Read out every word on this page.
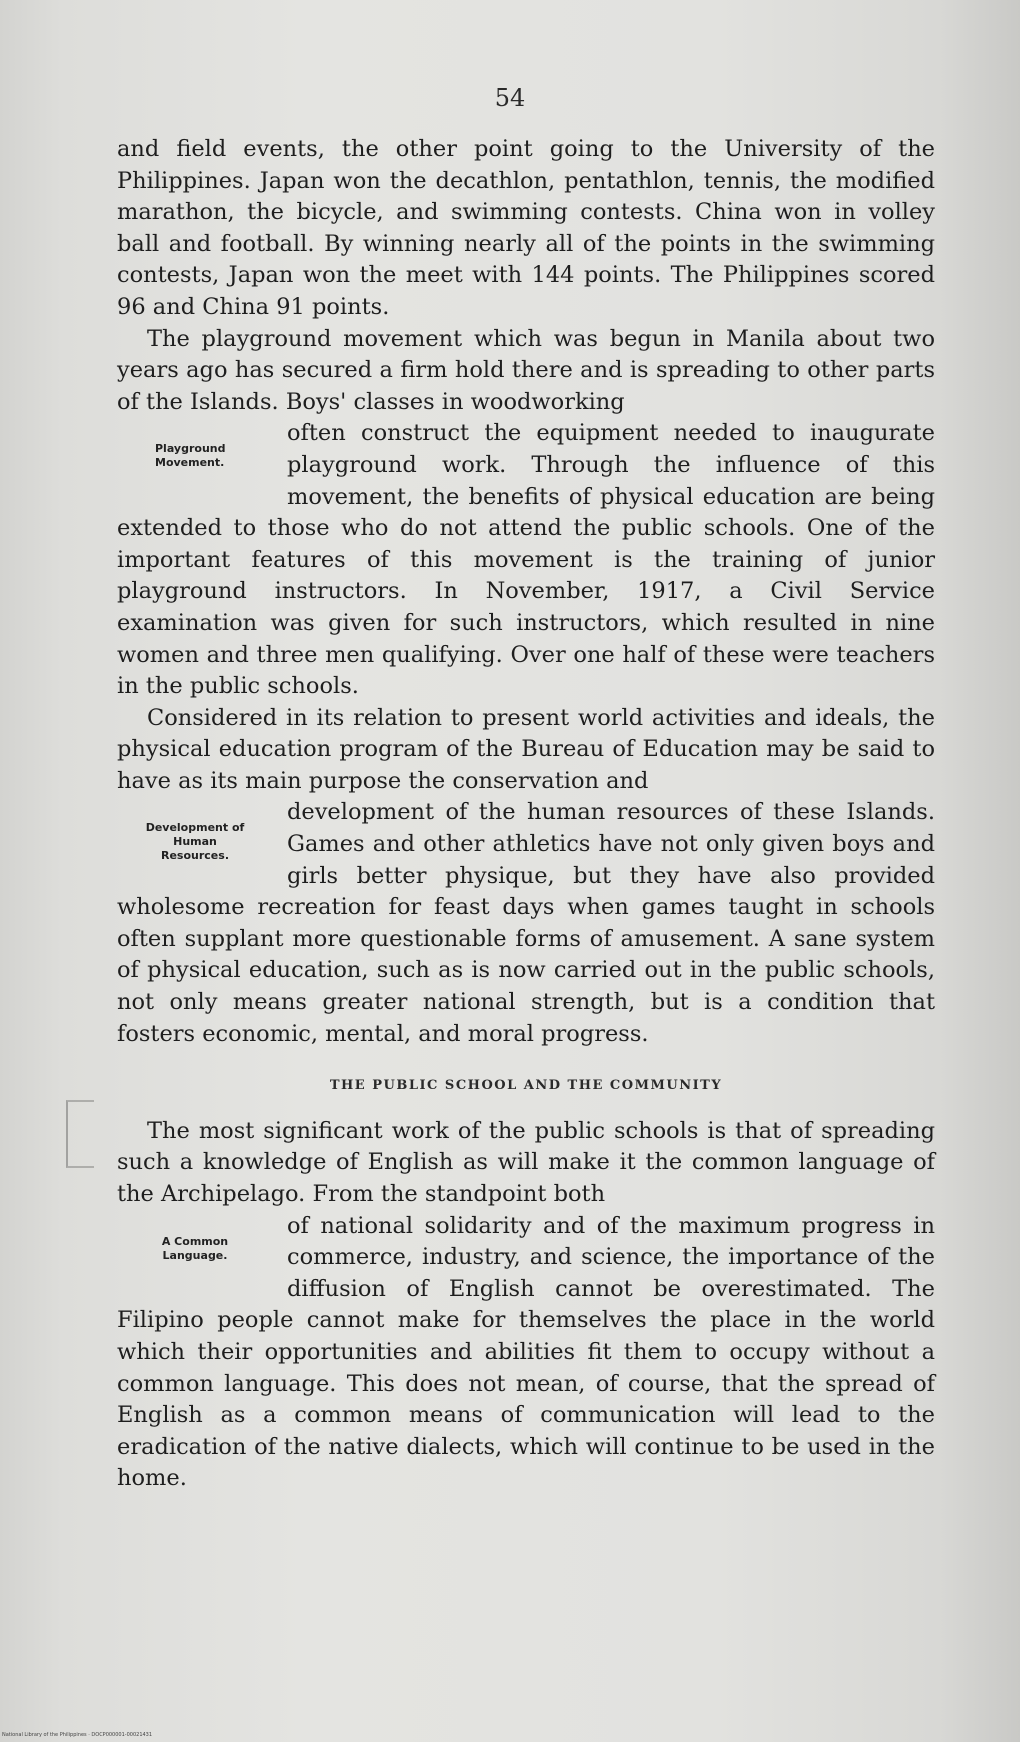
54

and field events, the other point going to the University of the Philippines. Japan won the decathlon, pentathlon, tennis, the modified marathon, the bicycle, and swimming contests. China won in volley ball and football. By winning nearly all of the points in the swimming contests, Japan won the meet with 144 points. The Philippines scored 96 and China 91 points.

The playground movement which was begun in Manila about two years ago has secured a firm hold there and is spreading to other parts of the Islands. Boys' classes in woodworking

Playground Movement.

often construct the equipment needed to inaugurate playground work. Through the influence of this movement, the benefits of physical education are being extended to those who do not attend the public schools. One of the important features of this movement is the training of junior playground instructors. In November, 1917, a Civil Service examination was given for such instructors, which resulted in nine women and three men qualifying. Over one half of these were teachers in the public schools.

Considered in its relation to present world activities and ideals, the physical education program of the Bureau of Education may be said to have as its main purpose the conservation and

Development of Human Resources.

development of the human resources of these Islands. Games and other athletics have not only given boys and girls better physique, but they have also provided wholesome recreation for feast days when games taught in schools often supplant more questionable forms of amusement. A sane system of physical education, such as is now carried out in the public schools, not only means greater national strength, but is a condition that fosters economic, mental, and moral progress.

THE PUBLIC SCHOOL AND THE COMMUNITY

The most significant work of the public schools is that of spreading such a knowledge of English as will make it the common language of the Archipelago. From the standpoint both

A Common Language.

of national solidarity and of the maximum progress in commerce, industry, and science, the importance of the diffusion of English cannot be overestimated. The Filipino people cannot make for themselves the place in the world which their opportunities and abilities fit them to occupy without a common language. This does not mean, of course, that the spread of English as a common means of communication will lead to the eradication of the native dialects, which will continue to be used in the home.

National Library of the Philippines · DOCP000001-00021431
